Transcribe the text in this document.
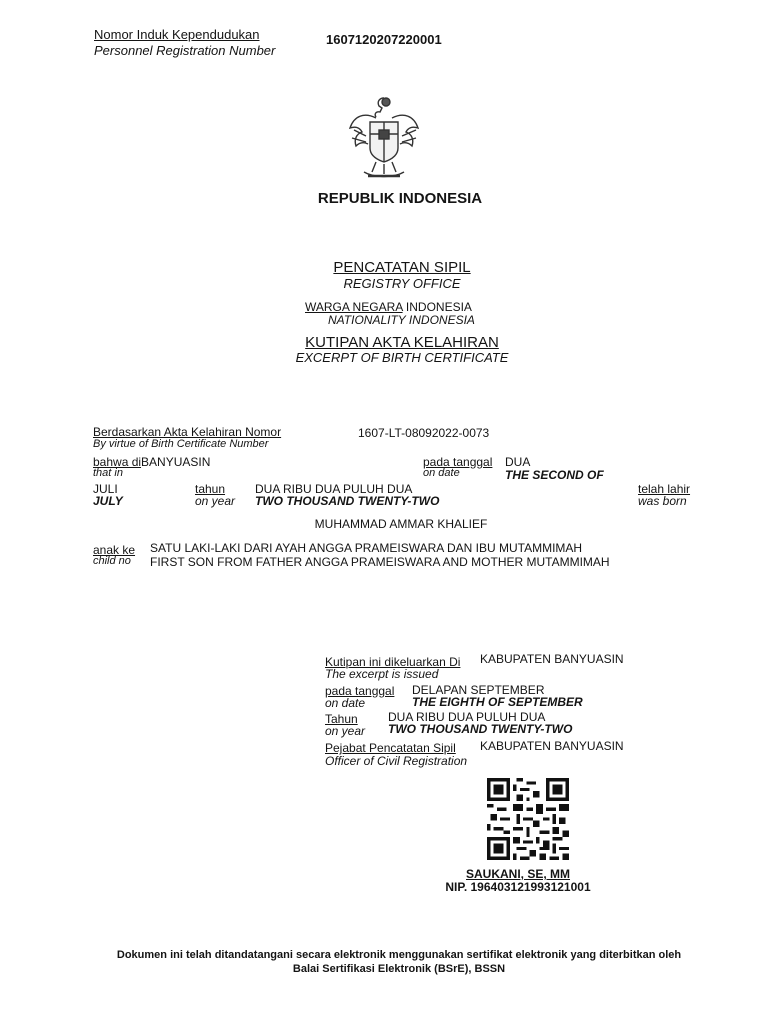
Nomor Induk Kependudukan
Personnel Registration Number
1607120207220001
REPUBLIK INDONESIA
PENCATATAN SIPIL
REGISTRY OFFICE
WARGA NEGARA INDONESIA
NATIONALITY INDONESIA
KUTIPAN AKTA KELAHIRAN
EXCERPT OF BIRTH CERTIFICATE
Berdasarkan Akta Kelahiran Nomor
By virtue of Birth Certificate Number
1607-LT-08092022-0073
bahwa diBANYUASIN
that in
pada tanggal
on date
DUA
THE SECOND OF
JULI
JULY
tahun
on year
DUA RIBU DUA PULUH DUA
TWO THOUSAND TWENTY-TWO
telah lahir
was born
MUHAMMAD AMMAR KHALIEF
anak ke
child no
SATU LAKI-LAKI DARI AYAH ANGGA PRAMEISWARA DAN IBU MUTAMMIMAH
FIRST SON FROM FATHER ANGGA PRAMEISWARA AND MOTHER MUTAMMIMAH
Kutipan ini dikeluarkan Di
The excerpt is issued
KABUPATEN BANYUASIN
pada tanggal
on date
DELAPAN SEPTEMBER
THE EIGHTH OF SEPTEMBER
Tahun
on year
DUA RIBU DUA PULUH DUA
TWO THOUSAND TWENTY-TWO
Pejabat Pencatatan Sipil
Officer of Civil Registration
KABUPATEN BANYUASIN
SAUKANI, SE, MM
NIP. 196403121993121001
Dokumen ini telah ditandatangani secara elektronik menggunakan sertifikat elektronik yang diterbitkan oleh
Balai Sertifikasi Elektronik (BSrE), BSSN
